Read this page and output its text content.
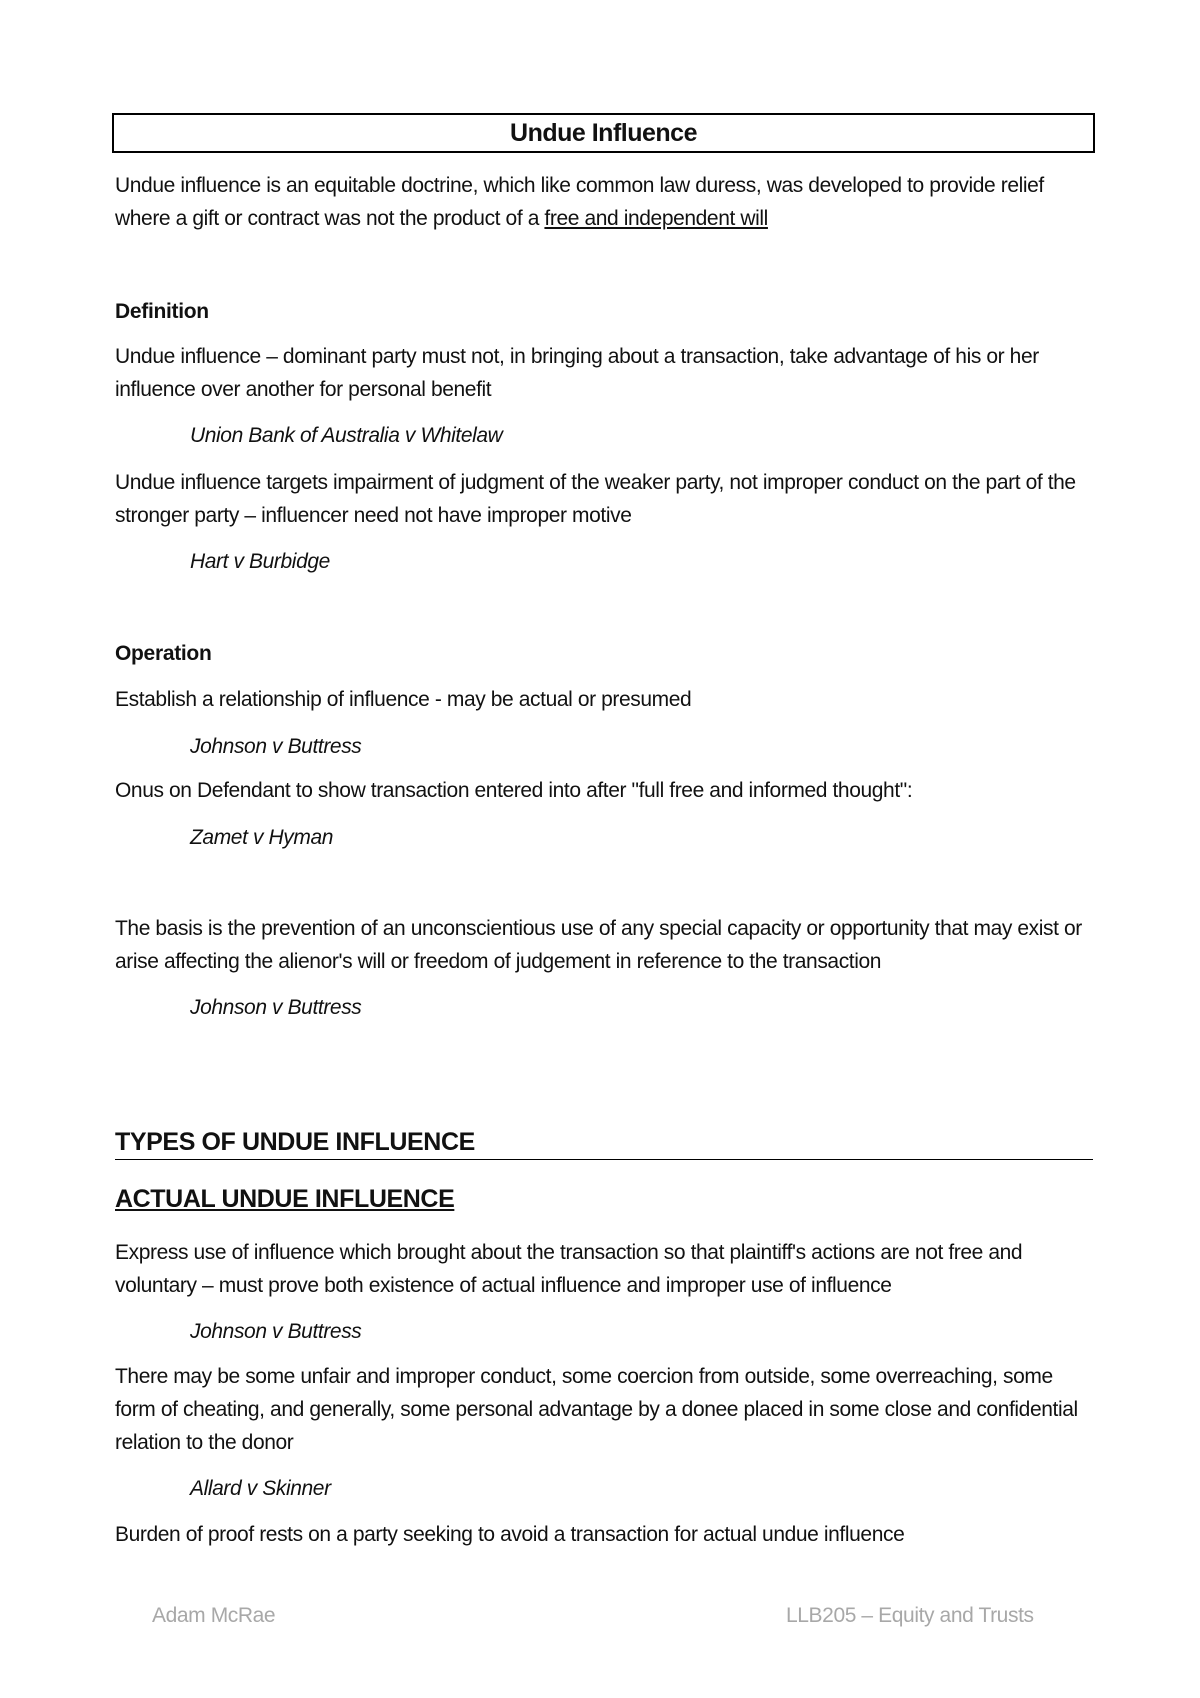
Undue Influence
Undue influence is an equitable doctrine, which like common law duress, was developed to provide relief where a gift or contract was not the product of a free and independent will
Definition
Undue influence – dominant party must not, in bringing about a transaction, take advantage of his or her influence over another for personal benefit
Union Bank of Australia v Whitelaw
Undue influence targets impairment of judgment of the weaker party, not improper conduct on the part of the stronger party – influencer need not have improper motive
Hart v Burbidge
Operation
Establish a relationship of influence - may be actual or presumed
Johnson v Buttress
Onus on Defendant to show transaction entered into after "full free and informed thought":
Zamet v Hyman
The basis is the prevention of an unconscientious use of any special capacity or opportunity that may exist or arise affecting the alienor's will or freedom of judgement in reference to the transaction
Johnson v Buttress
TYPES OF UNDUE INFLUENCE
ACTUAL UNDUE INFLUENCE
Express use of influence which brought about the transaction so that plaintiff's actions are not free and voluntary – must prove both existence of actual influence and improper use of influence
Johnson v Buttress
There may be some unfair and improper conduct, some coercion from outside, some overreaching, some form of cheating, and generally, some personal advantage by a donee placed in some close and confidential relation to the donor
Allard v Skinner
Burden of proof rests on a party seeking to avoid a transaction for actual undue influence
Adam McRae	LLB205 – Equity and Trusts
